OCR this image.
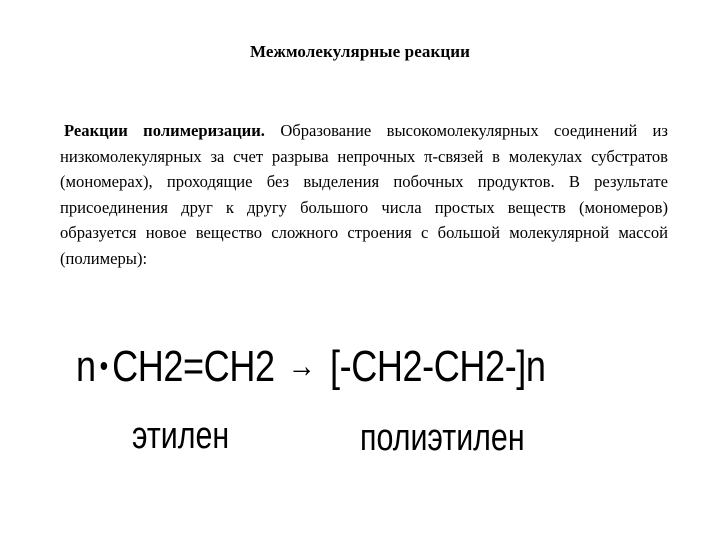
Межмолекулярные реакции
Реакции полимеризации. Образование высокомолекулярных соединений из низкомолекулярных за счет разрыва непрочных π-связей в молекулах субстратов (мономерах), проходящие без выделения побочных продуктов. В результате присоединения друг к другу большого числа простых веществ (мономеров) образуется новое вещество сложного строения с большой молекулярной массой (полимеры):
n CH2=CH2 → [-CH2-CH2-]n
этилен	полиэтилен
